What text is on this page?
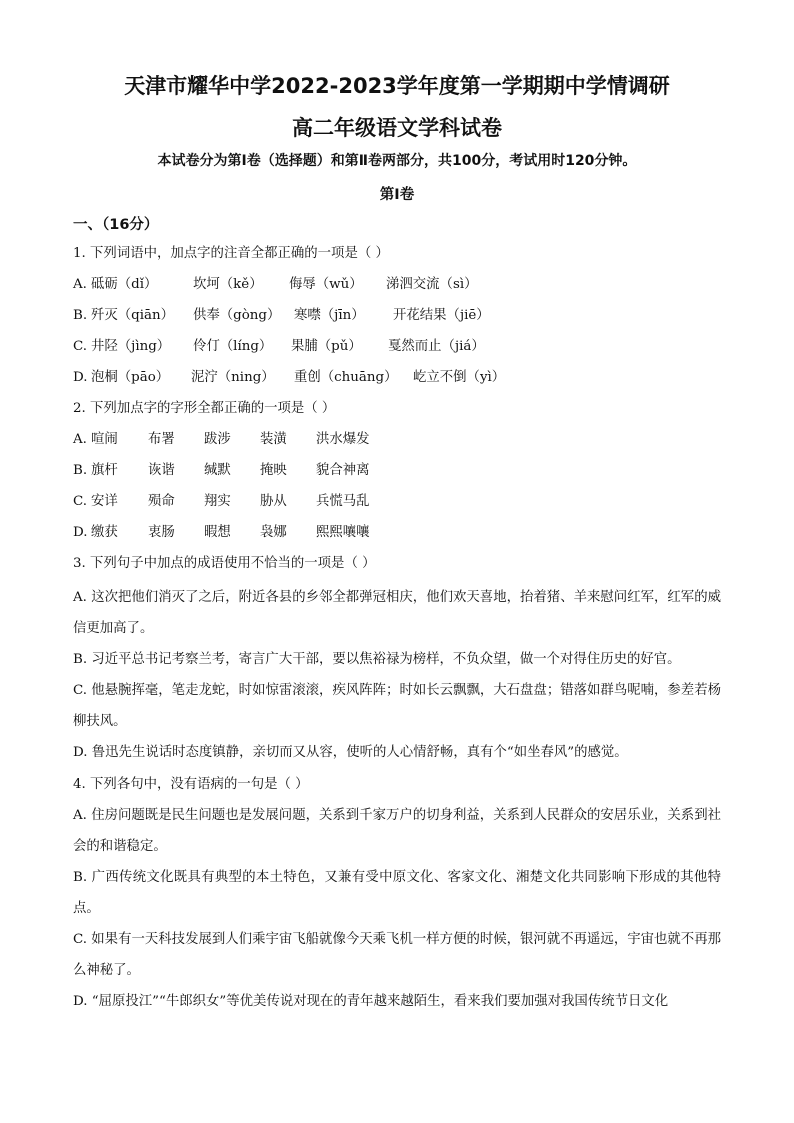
天津市耀华中学2022-2023学年度第一学期期中学情调研
高二年级语文学科试卷
本试卷分为第Ⅰ卷（选择题）和第Ⅱ卷两部分，共100分，考试用时120分钟。
第Ⅰ卷
一、（16分）
1. 下列词语中，加点字的注音全都正确的一项是（ ）
A. 砥砺（dǐ）	坎坷（kě） 侮辱（wǔ） 涕泗交流（sì）
B. 歼灭（qiān） 供奉（gòng） 寒噤（jīn） 开花结果（jiē）
C. 井陉（jìng） 伶仃（líng） 果脯（pǔ） 戛然而止（jiá）
D. 泡桐（pāo） 泥泞（ning） 重创（chuāng） 屹立不倒（yì）
2. 下列加点字的字形全都正确的一项是（ ）
A. 喧闹 布署 跋涉 装潢 洪水爆发
B. 旗杆 诙谐 缄默 掩映 貌合神离
C. 安详 殒命 翔实 胁从 兵慌马乱
D. 缴获 衷肠 暇想 袅娜 熙熙嚷嚷
3. 下列句子中加点的成语使用不恰当的一项是（ ）
A. 这次把他们消灭了之后，附近各县的乡邻全都弹冠相庆，他们欢天喜地，抬着猪、羊来慰问红军，红军的威信更加高了。
B. 习近平总书记考察兰考，寄言广大干部，要以焦裕禄为榜样，不负众望，做一个对得住历史的好官。
C. 他悬腕挥毫，笔走龙蛇，时如惊雷滚滚，疾风阵阵；时如长云飘飘，大石盘盘；错落如群鸟呢喃，参差若杨柳扶风。
D. 鲁迅先生说话时态度镇静，亲切而又从容，使听的人心情舒畅，真有个“如坐春风”的感觉。
4. 下列各句中，没有语病的一句是（ ）
A. 住房问题既是民生问题也是发展问题，关系到千家万户的切身利益，关系到人民群众的安居乐业，关系到社会的和谐稳定。
B. 广西传统文化既具有典型的本土特色，又兼有受中原文化、客家文化、湘楚文化共同影响下形成的其他特点。
C. 如果有一天科技发展到人们乘宇宙飞船就像今天乘飞机一样方便的时候，银河就不再遥远，宇宙也就不再那么神秘了。
D. “屈原投江”“牛郎织女”等优美传说对现在的青年越来越陌生，看来我们要加强对我国传统节日文化
